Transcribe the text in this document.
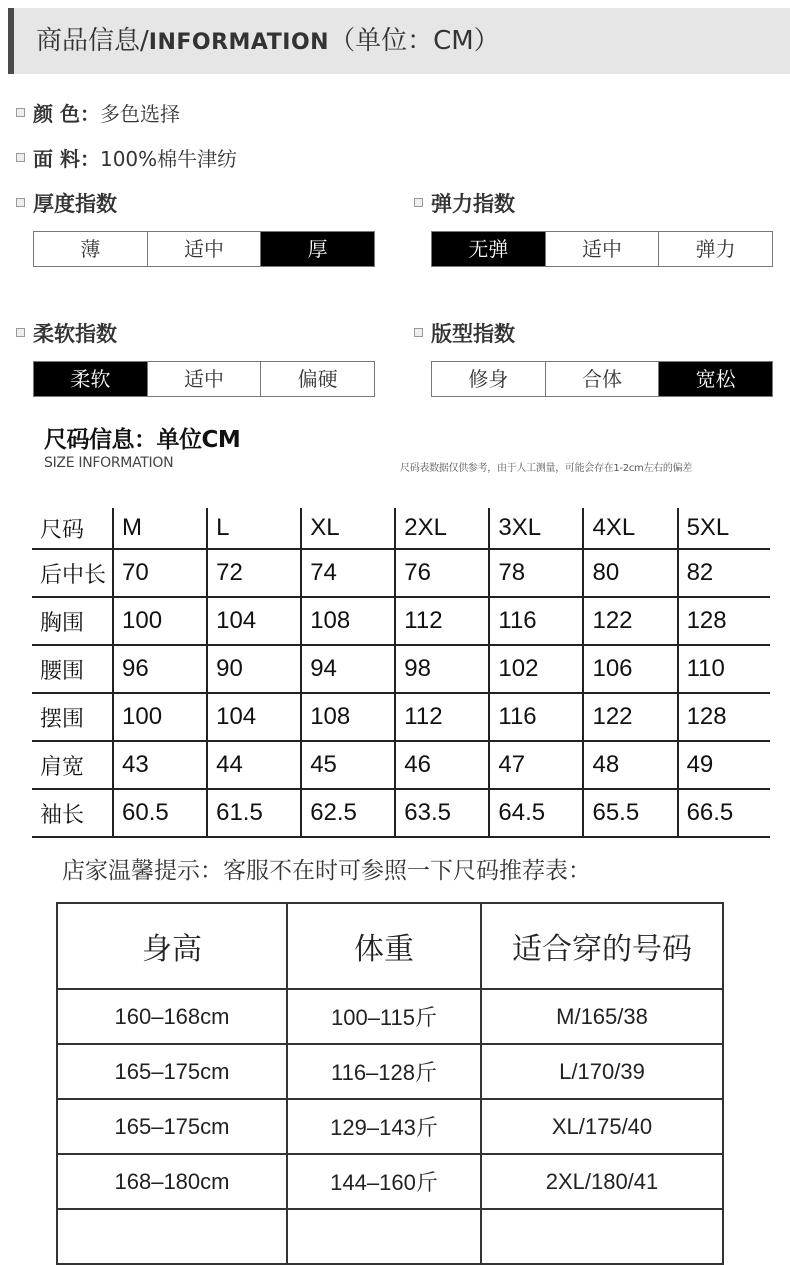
商品信息/INFORMATION（单位：CM）
颜 色：多色选择
面 料：100%棉牛津纺
厚度指数	弹力指数
柔软指数	版型指数
薄	适中	厚	无弹	适中	弹力
柔软	适中	偏硬	修身	合体	宽松
尺码信息：单位CM
SIZE INFORMATION	尺码表数据仅供参考，由于人工测量，可能会存在1-2cm左右的偏差
尺码	M	L	XL	2XL	3XL	4XL	5XL
后中长	70	72	74	76	78	80	82
胸围	100	104	108	112	116	122	128
腰围	96	90	94	98	102	106	110
摆围	100	104	108	112	116	122	128
肩宽	43	44	45	46	47	48	49
袖长	60.5	61.5	62.5	63.5	64.5	65.5	66.5
店家温馨提示：客服不在时可参照一下尺码推荐表：
身高	体重	适合穿的号码
160–168cm	100–115斤	M/165/38
165–175cm	116–128斤	L/170/39
165–175cm	129–143斤	XL/175/40
168–180cm	144–160斤	2XL/180/41
